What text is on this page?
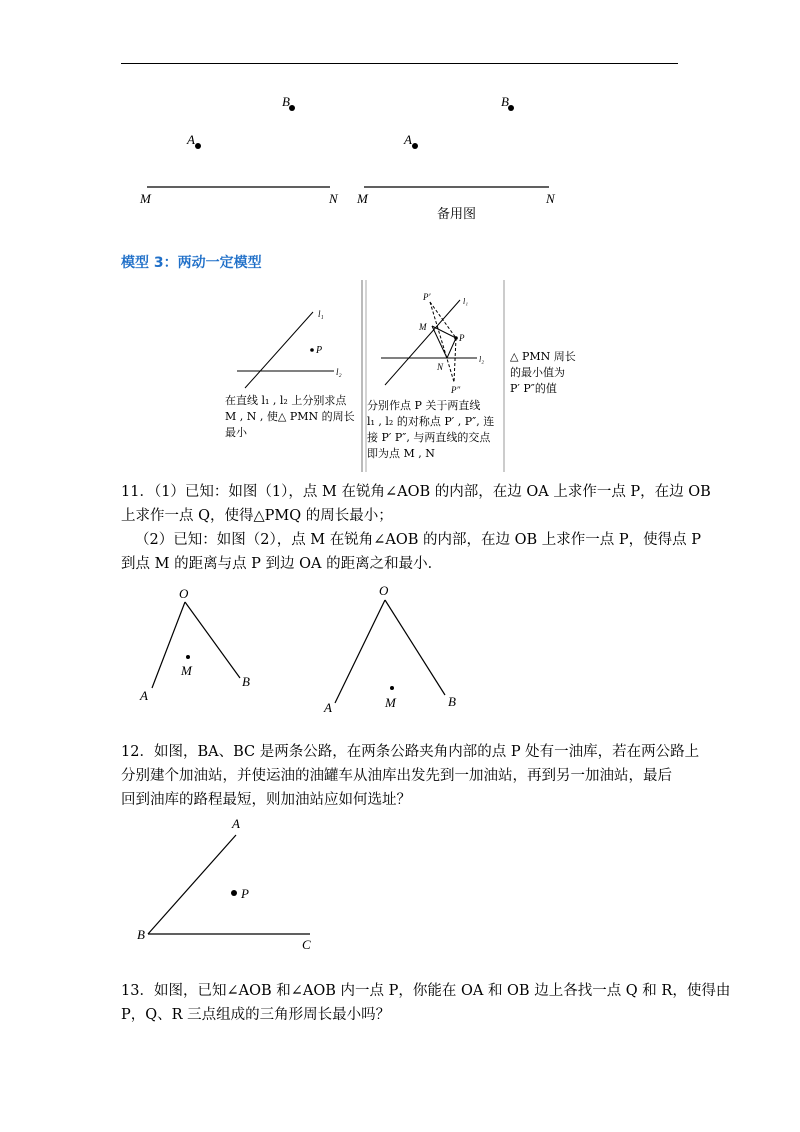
B
A
M	N
B
A
M	N
备用图
模型 3：两动一定模型
l₁
l₂
P
P′
M
P
N
P″
l₁
l₂
在直线 l₁ , l₂ 上分别求点
M , N , 使△ PMN 的周长
最小
分别作点 P 关于两直线
l₁ , l₂ 的对称点 P′ , P″, 连
接 P′ P″, 与两直线的交点
即为点 M , N
△ PMN 周长
的最小值为
P′ P″的值
11．（1）已知：如图（1），点 M 在锐角∠AOB 的内部，在边 OA 上求作一点 P，在边 OB
上求作一点 Q，使得△PMQ 的周长最小；
（2）已知：如图（2），点 M 在锐角∠AOB 的内部，在边 OB 上求作一点 P，使得点 P
到点 M 的距离与点 P 到边 OA 的距离之和最小．
O
M
A
B
O
M
A	B
12．如图，BA、BC 是两条公路，在两条公路夹角内部的点 P 处有一油库，若在两公路上
分别建个加油站，并使运油的油罐车从油库出发先到一加油站，再到另一加油站，最后
回到油库的路程最短，则加油站应如何选址？
A
P
B
C
13．如图，已知∠AOB 和∠AOB 内一点 P，你能在 OA 和 OB 边上各找一点 Q 和 R，使得由
P，Q、R 三点组成的三角形周长最小吗？
